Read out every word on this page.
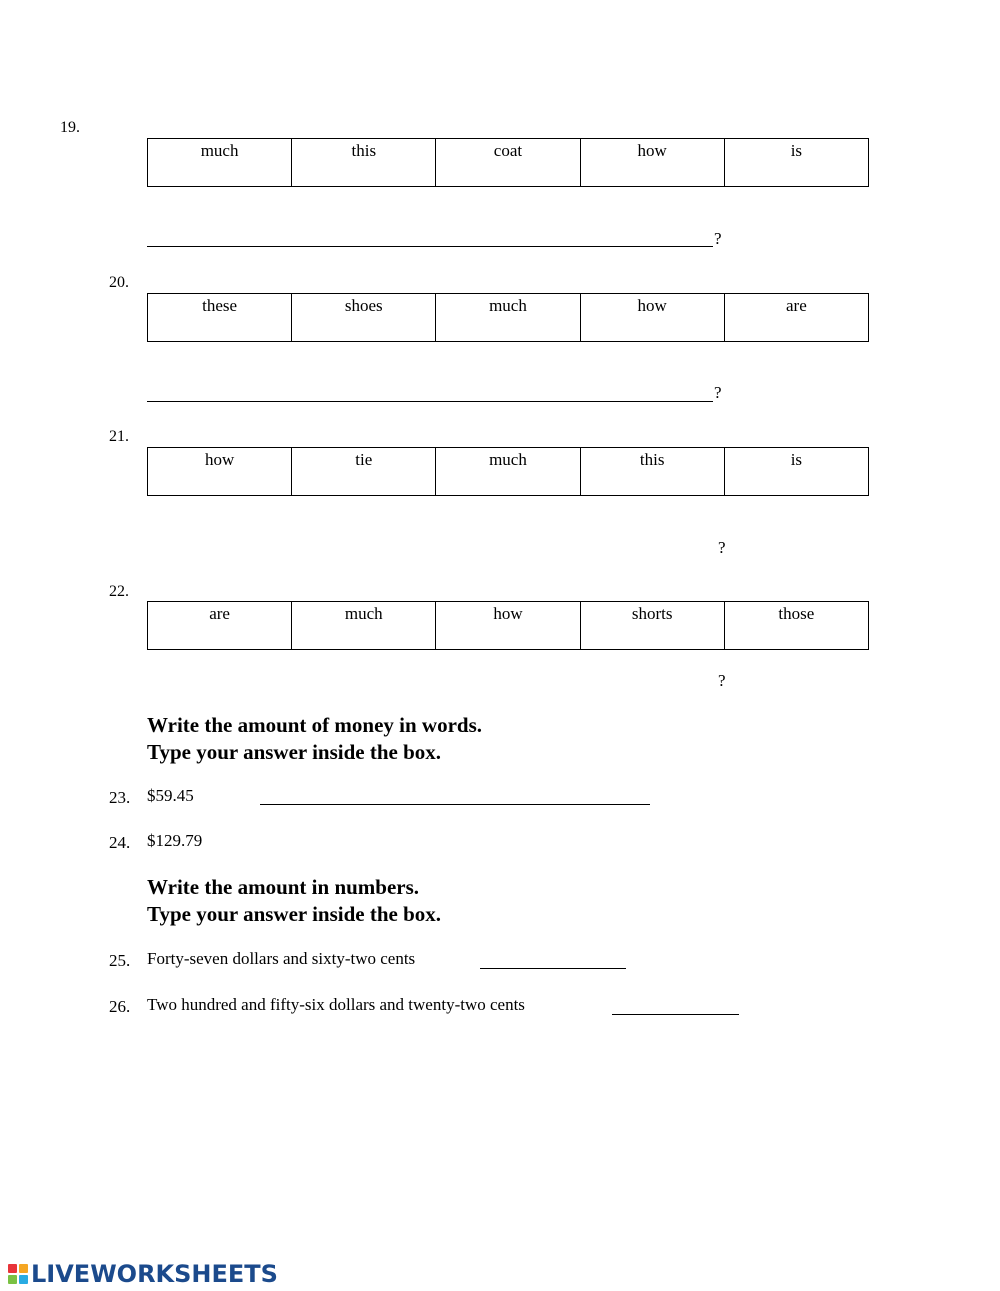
19.
much	this	coat	how	is
?
20.
these	shoes	much	how	are
?
21.
how	tie	much	this	is
?
22.
are	much	how	shorts	those
?
Write the amount of money in words.
Type your answer inside the box.
23. $59.45
24. $129.79
Write the amount in numbers.
Type your answer inside the box.
25. Forty-seven dollars and sixty-two cents
26. Two hundred and fifty-six dollars and twenty-two cents
LIVEWORKSHEETS
